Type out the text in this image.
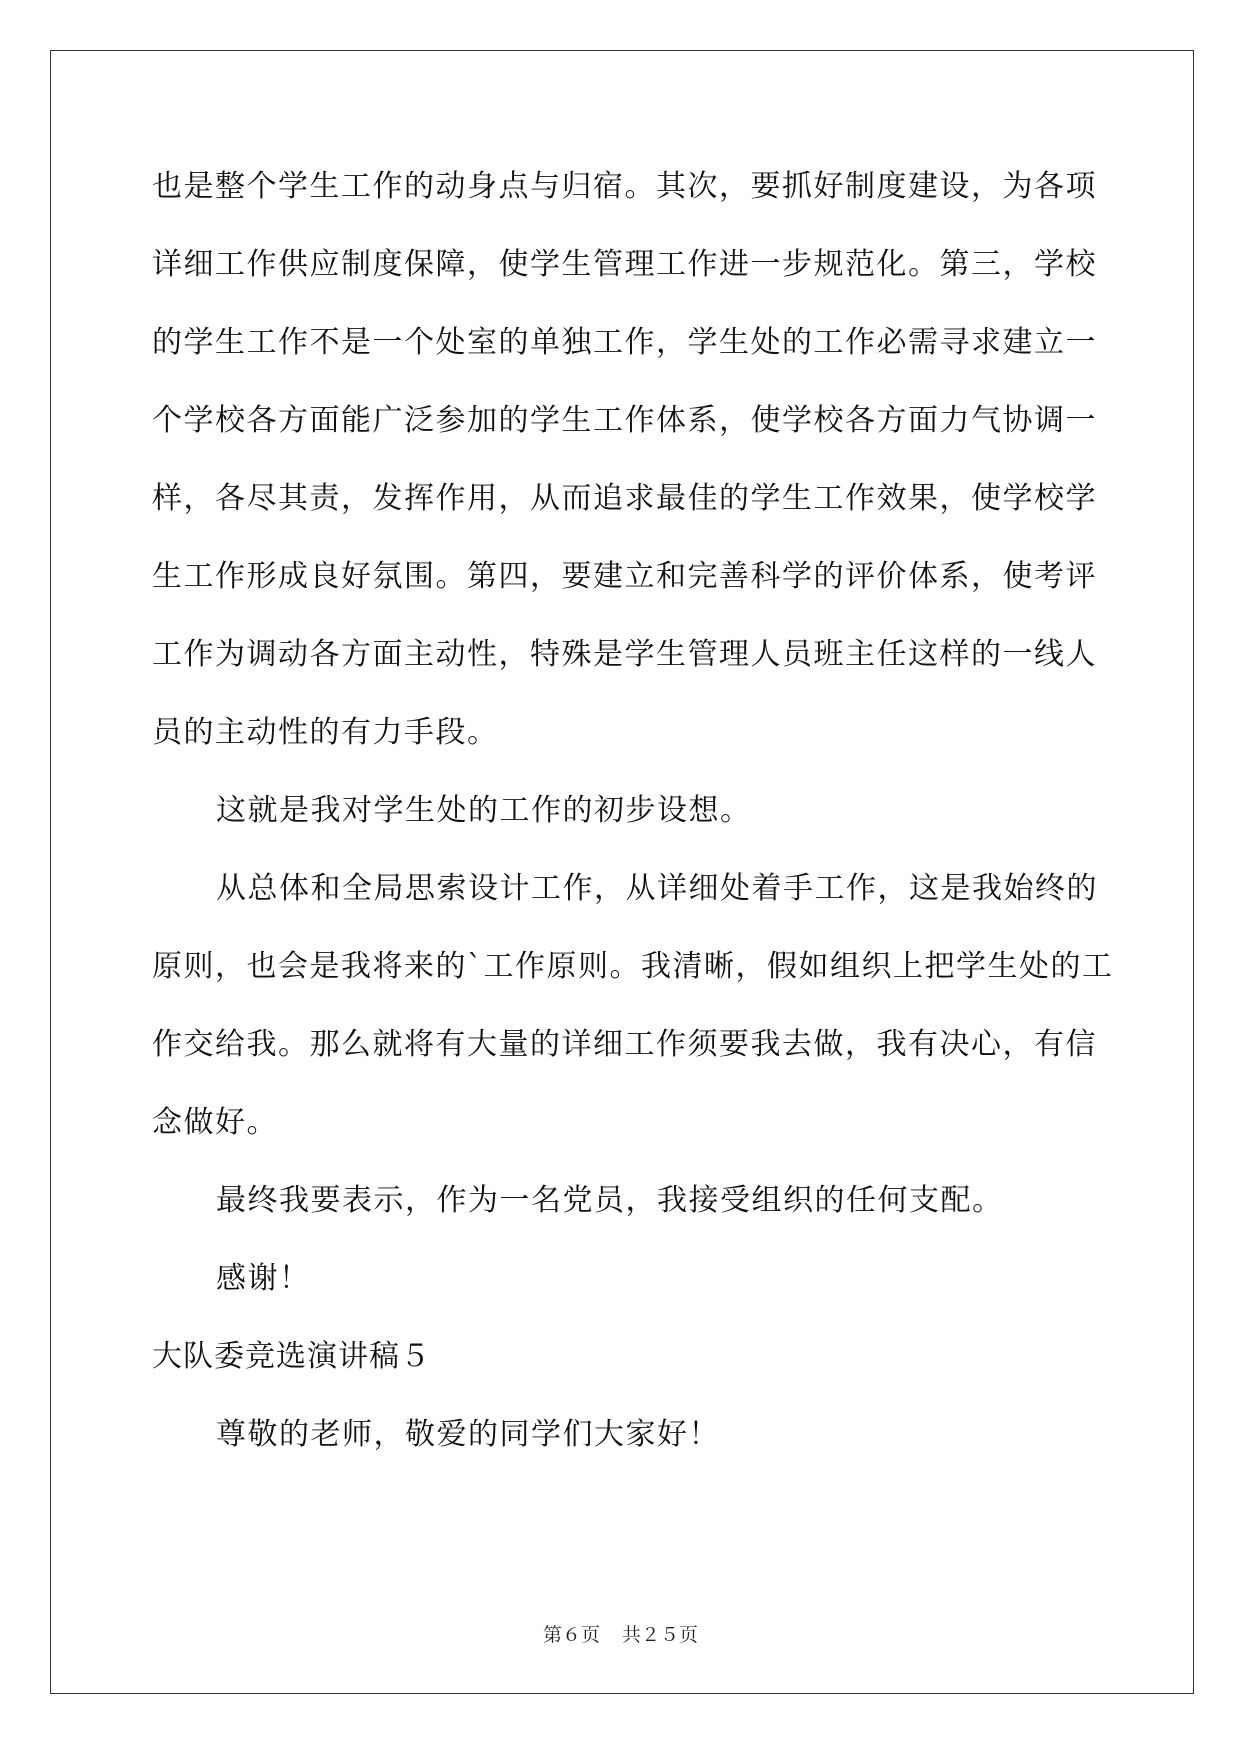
也是整个学生工作的动身点与归宿。其次，要抓好制度建设，为各项
详细工作供应制度保障，使学生管理工作进一步规范化。第三，学校
的学生工作不是一个处室的单独工作，学生处的工作必需寻求建立一
个学校各方面能广泛参加的学生工作体系，使学校各方面力气协调一
样，各尽其责，发挥作用，从而追求最佳的学生工作效果，使学校学
生工作形成良好氛围。第四，要建立和完善科学的评价体系，使考评
工作为调动各方面主动性，特殊是学生管理人员班主任这样的一线人
员的主动性的有力手段。

这就是我对学生处的工作的初步设想。

从总体和全局思索设计工作，从详细处着手工作，这是我始终的
原则，也会是我将来的`工作原则。我清晰，假如组织上把学生处的工
作交给我。那么就将有大量的详细工作须要我去做，我有决心，有信
念做好。

最终我要表示，作为一名党员，我接受组织的任何支配。

感谢！

大队委竞选演讲稿５

尊敬的老师，敬爱的同学们大家好！

第６页 共２５页
